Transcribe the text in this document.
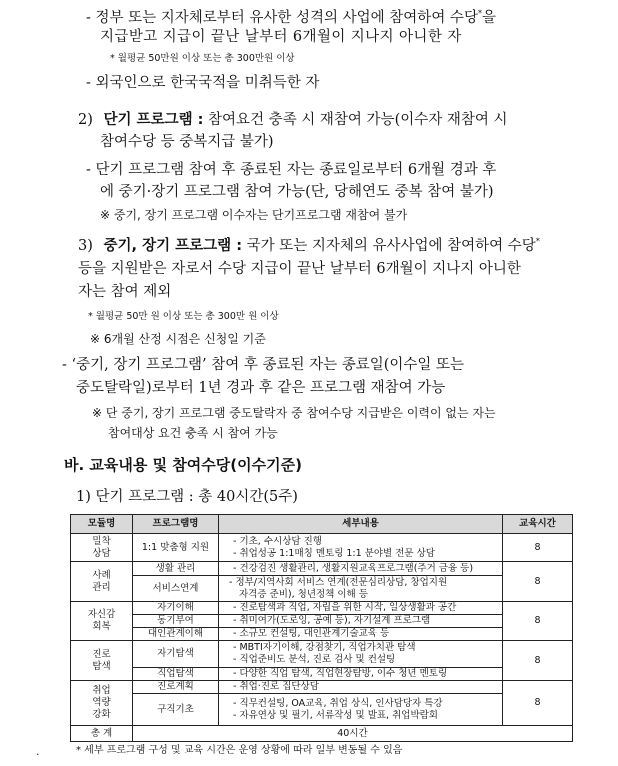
- 정부 또는 지자체로부터 유사한 성격의 사업에 참여하여 수당*을
지급받고 지급이 끝난 날부터 6개월이 지나지 아니한 자
* 월평균 50만원 이상 또는 총 300만원 이상
- 외국인으로 한국국적을 미취득한 자
2) 단기 프로그램 : 참여요건 충족 시 재참여 가능(이수자 재참여 시
참여수당 등 중복지급 불가)
- 단기 프로그램 참여 후 종료된 자는 종료일로부터 6개월 경과 후
에 중기·장기 프로그램 참여 가능(단, 당해연도 중복 참여 불가)
※ 중기, 장기 프로그램 이수자는 단기프로그램 재참여 불가
3) 중기, 장기 프로그램 : 국가 또는 지자체의 유사사업에 참여하여 수당*
등을 지원받은 자로서 수당 지급이 끝난 날부터 6개월이 지나지 아니한
자는 참여 제외
* 월평균 50만 원 이상 또는 총 300만 원 이상
※ 6개월 산정 시점은 신청일 기준
- ‘중기, 장기 프로그램’ 참여 후 종료된 자는 종료일(이수일 또는
중도탈락일)로부터 1년 경과 후 같은 프로그램 재참여 가능
※ 단 중기, 장기 프로그램 중도탈락자 중 참여수당 지급받은 이력이 없는 자는
참여대상 요건 충족 시 참여 가능
바. 교육내용 및 참여수당(이수기준)
1) 단기 프로그램 : 총 40시간(5주)
모듈명	프로그램명	세부내용	교육시간
밀착
상담	1:1 맞춤형 지원	- 기초, 수시상담 진행
- 취업성공 1:1매칭 멘토링 1:1 분야별 전문 상담	8
사례
관리	생활 관리	- 건강검진 생활관리, 생활지원교육프로그램(주거 금융 등)	8
	서비스연계	- 정부/지역사회 서비스 연계(전문심리상담, 창업지원
자격증 준비), 청년정책 이해 등	

자신감
회복	자기이해	- 진로탐색과 직업, 자립을 위한 시작, 일상생활과 공간	8
	동기부여	- 취미여가(도로잉, 공예 등), 자기설계 프로그램	

	대인관계이해	- 소규모 컨설팅, 대인관계기술교육 등	

진로
탐색	자기탐색	- MBTI자기이해, 강점찾기, 직업가치관 탐색
- 직업준비도 분석, 진로 검사 및 컨설팅	8
	직업탐색	- 다양한 직업 탐색, 직업현장탐방, 이수 청년 멘토링	

취업
역량
강화	진로계획	- 취업·진로 집단상담	8
	구직기초	- 직무컨설팅, OA교육, 취업 상식, 인사담당자 특강
- 자유연상 및 필기, 서류작성 및 발표, 취업박람회	

총 계	40시간		
.	* 세부 프로그램 구성 및 교육 시간은 운영 상황에 따라 일부 변동될 수 있음
